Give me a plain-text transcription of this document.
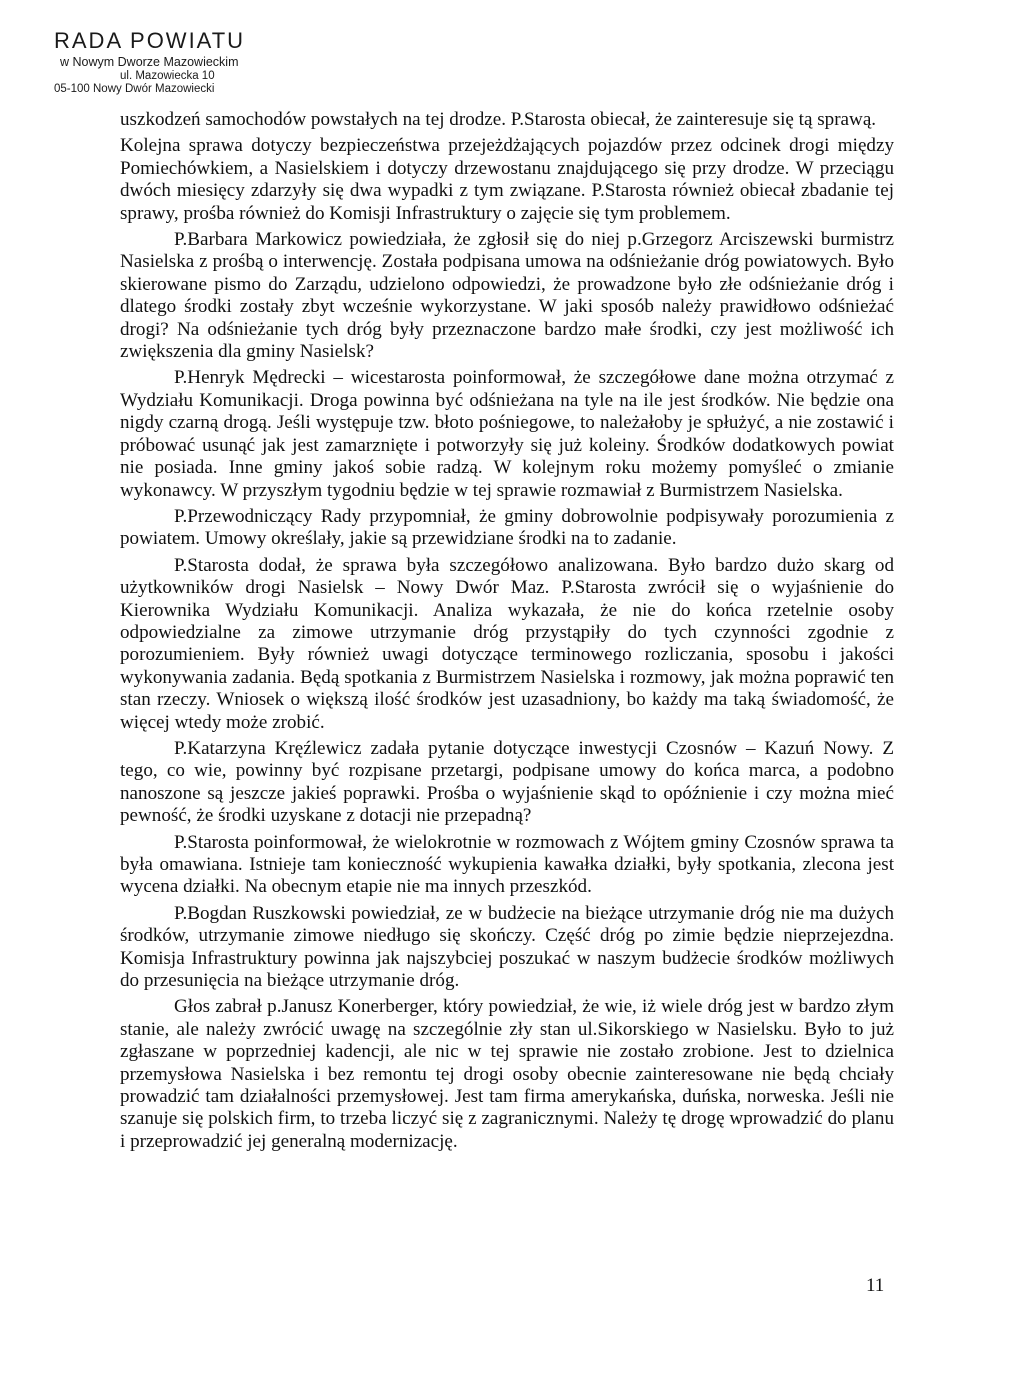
RADA POWIATU
w Nowym Dworze Mazowieckim
ul. Mazowiecka 10
05-100 Nowy Dwór Mazowiecki

uszkodzeń samochodów powstałych na tej drodze. P.Starosta obiecał, że zainteresuje się tą sprawą.

Kolejna sprawa dotyczy bezpieczeństwa przejeżdżających pojazdów przez odcinek drogi między Pomiechówkiem, a Nasielskiem i dotyczy drzewostanu znajdującego się przy drodze. W przeciągu dwóch miesięcy zdarzyły się dwa wypadki z tym związane. P.Starosta również obiecał zbadanie tej sprawy, prośba również do Komisji Infrastruktury o zajęcie się tym problemem.

P.Barbara Markowicz powiedziała, że zgłosił się do niej p.Grzegorz Arciszewski burmistrz Nasielska z prośbą o interwencję. Została podpisana umowa na odśnieżanie dróg powiatowych. Było skierowane pismo do Zarządu, udzielono odpowiedzi, że prowadzone było złe odśnieżanie dróg i dlatego środki zostały zbyt wcześnie wykorzystane. W jaki sposób należy prawidłowo odśnieżać drogi? Na odśnieżanie tych dróg były przeznaczone bardzo małe środki, czy jest możliwość ich zwiększenia dla gminy Nasielsk?

P.Henryk Mędrecki – wicestarosta poinformował, że szczegółowe dane można otrzymać z Wydziału Komunikacji. Droga powinna być odśnieżana na tyle na ile jest środków. Nie będzie ona nigdy czarną drogą. Jeśli występuje tzw. błoto pośniegowe, to należałoby je spłużyć, a nie zostawić i próbować usunąć jak jest zamarznięte i potworzyły się już koleiny. Środków dodatkowych powiat nie posiada. Inne gminy jakoś sobie radzą. W kolejnym roku możemy pomyśleć o zmianie wykonawcy. W przyszłym tygodniu będzie w tej sprawie rozmawiał z Burmistrzem Nasielska.

P.Przewodniczący Rady przypomniał, że gminy dobrowolnie podpisywały porozumienia z powiatem. Umowy określały, jakie są przewidziane środki na to zadanie.

P.Starosta dodał, że sprawa była szczegółowo analizowana. Było bardzo dużo skarg od użytkowników drogi Nasielsk – Nowy Dwór Maz. P.Starosta zwrócił się o wyjaśnienie do Kierownika Wydziału Komunikacji. Analiza wykazała, że nie do końca rzetelnie osoby odpowiedzialne za zimowe utrzymanie dróg przystąpiły do tych czynności zgodnie z porozumieniem. Były również uwagi dotyczące terminowego rozliczania, sposobu i jakości wykonywania zadania. Będą spotkania z Burmistrzem Nasielska i rozmowy, jak można poprawić ten stan rzeczy. Wniosek o większą ilość środków jest uzasadniony, bo każdy ma taką świadomość, że więcej wtedy może zrobić.

P.Katarzyna Kręźlewicz zadała pytanie dotyczące inwestycji Czosnów – Kazuń Nowy. Z tego, co wie, powinny być rozpisane przetargi, podpisane umowy do końca marca, a podobno nanoszone są jeszcze jakieś poprawki. Prośba o wyjaśnienie skąd to opóźnienie i czy można mieć pewność, że środki uzyskane z dotacji nie przepadną?

P.Starosta poinformował, że wielokrotnie w rozmowach z Wójtem gminy Czosnów sprawa ta była omawiana. Istnieje tam konieczność wykupienia kawałka działki, były spotkania, zlecona jest wycena działki. Na obecnym etapie nie ma innych przeszkód.

P.Bogdan Ruszkowski powiedział, ze w budżecie na bieżące utrzymanie dróg nie ma dużych środków, utrzymanie zimowe niedługo się skończy. Część dróg po zimie będzie nieprzejezdna. Komisja Infrastruktury powinna jak najszybciej poszukać w naszym budżecie środków możliwych do przesunięcia na bieżące utrzymanie dróg.

Głos zabrał p.Janusz Konerberger, który powiedział, że wie, iż wiele dróg jest w bardzo złym stanie, ale należy zwrócić uwagę na szczególnie zły stan ul.Sikorskiego w Nasielsku. Było to już zgłaszane w poprzedniej kadencji, ale nic w tej sprawie nie zostało zrobione. Jest to dzielnica przemysłowa Nasielska i bez remontu tej drogi osoby obecnie zainteresowane nie będą chciały prowadzić tam działalności przemysłowej. Jest tam firma amerykańska, duńska, norweska. Jeśli nie szanuje się polskich firm, to trzeba liczyć się z zagranicznymi. Należy tę drogę wprowadzić do planu i przeprowadzić jej generalną modernizację.

11
